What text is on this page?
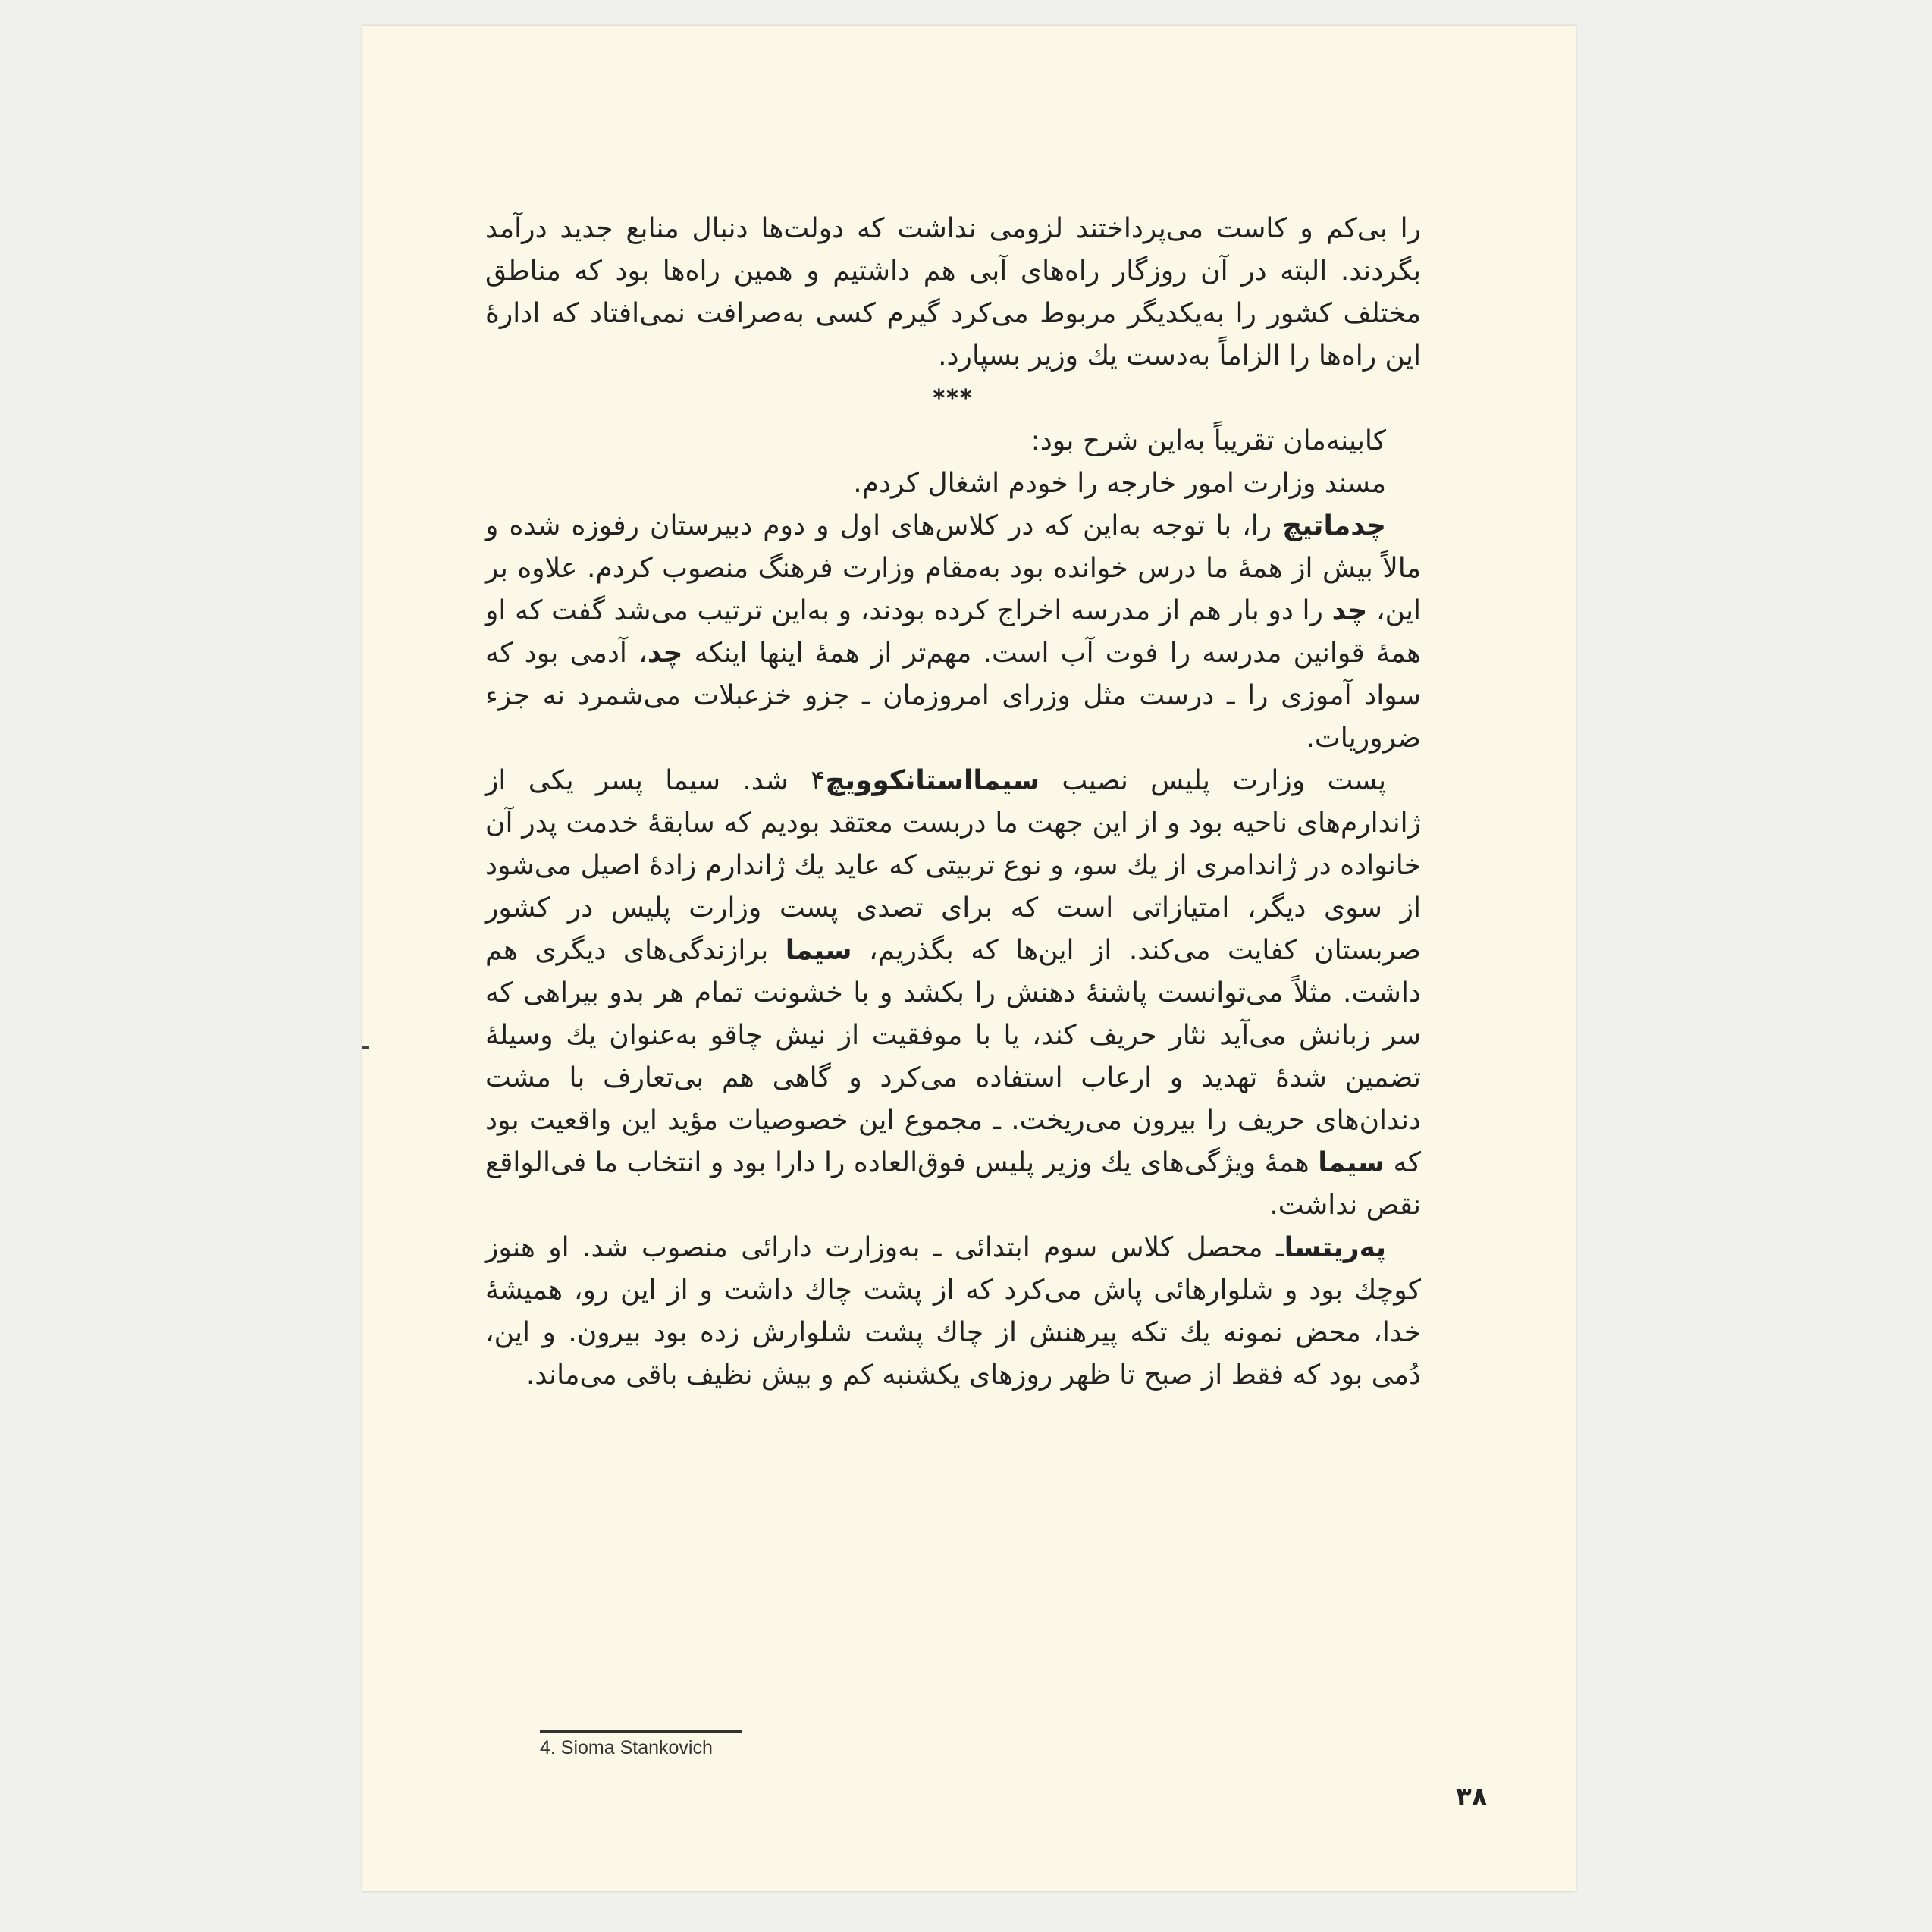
را بی‌کم و کاست می‌پرداختند لزومی نداشت که دولت‌ها دنبال منابع جدید درآمد بگردند. البته در آن روزگار راه‌های آبی هم داشتیم و همین راه‌ها بود که مناطق مختلف کشور را به‌یکدیگر مربوط می‌کرد گیرم کسی به‌صرافت نمی‌افتاد که ادارهٔ این راه‌ها را الزاماً به‌دست یك وزیر بسپارد.

***

کابینه‌مان تقریباً به‌این شرح بود:

مسند وزارت امور خارجه را خودم اشغال کردم.

چدماتیچ را، با توجه به‌این که در کلاس‌های اول و دوم دبیرستان رفوزه شده و مالاً بیش از همهٔ ما درس خوانده بود به‌مقام وزارت فرهنگ منصوب کردم. علاوه بر این، چد را دو بار هم از مدرسه اخراج کرده بودند، و به‌این ترتیب می‌شد گفت که او همهٔ قوانین مدرسه را فوت آب است. مهم‌تر از همهٔ اینها اینکه چد، آدمی بود که سواد آموزی را ـ درست مثل وزرای امروزمان ـ جزو خزعبلات می‌شمرد نه جزء ضروریات.

پست وزارت پلیس نصیب سیمااستانکوویچ۴ شد. سیما پسر یکی از ژاندارم‌های ناحیه بود و از این جهت ما دربست معتقد بودیم که سابقهٔ خدمت پدر آن خانواده در ژاندامری از یك سو، و نوع تربیتی که عاید یك ژاندارم زادهٔ اصیل می‌شود از سوی دیگر، امتیازاتی است که برای تصدی پست وزارت پلیس در کشور صربستان کفایت می‌کند. از این‌ها که بگذریم، سیما برازندگی‌های دیگری هم داشت. مثلاً می‌توانست پاشنهٔ دهنش را بکشد و با خشونت تمام هر بدو بیراهی که سر زبانش می‌آید نثار حریف کند، یا با موفقیت از نیش چاقو به‌عنوان یك وسیلهٔ تضمین شدهٔ تهدید و ارعاب استفاده می‌کرد و گاهی هم بی‌تعارف با مشت دندان‌های حریف را بیرون می‌ریخت. ـ مجموع این خصوصیات مؤید این واقعیت بود که سیما همهٔ ویژگی‌های یك وزیر پلیس فوق‌العاده را دارا بود و انتخاب ما فی‌الواقع نقص نداشت.

پەریتساـ محصل کلاس سوم ابتدائی ـ به‌وزارت دارائی منصوب شد. او هنوز کوچك بود و شلوارهائی پاش می‌کرد که از پشت چاك داشت و از این رو، همیشهٔ خدا، محض نمونه یك تکه پیرهنش از چاك پشت شلوارش زده بود بیرون. و این، دُمی بود که فقط از صبح تا ظهر روزهای یکشنبه کم و بیش نظیف باقی می‌ماند.

4. Sioma Stankovich
۳۸
